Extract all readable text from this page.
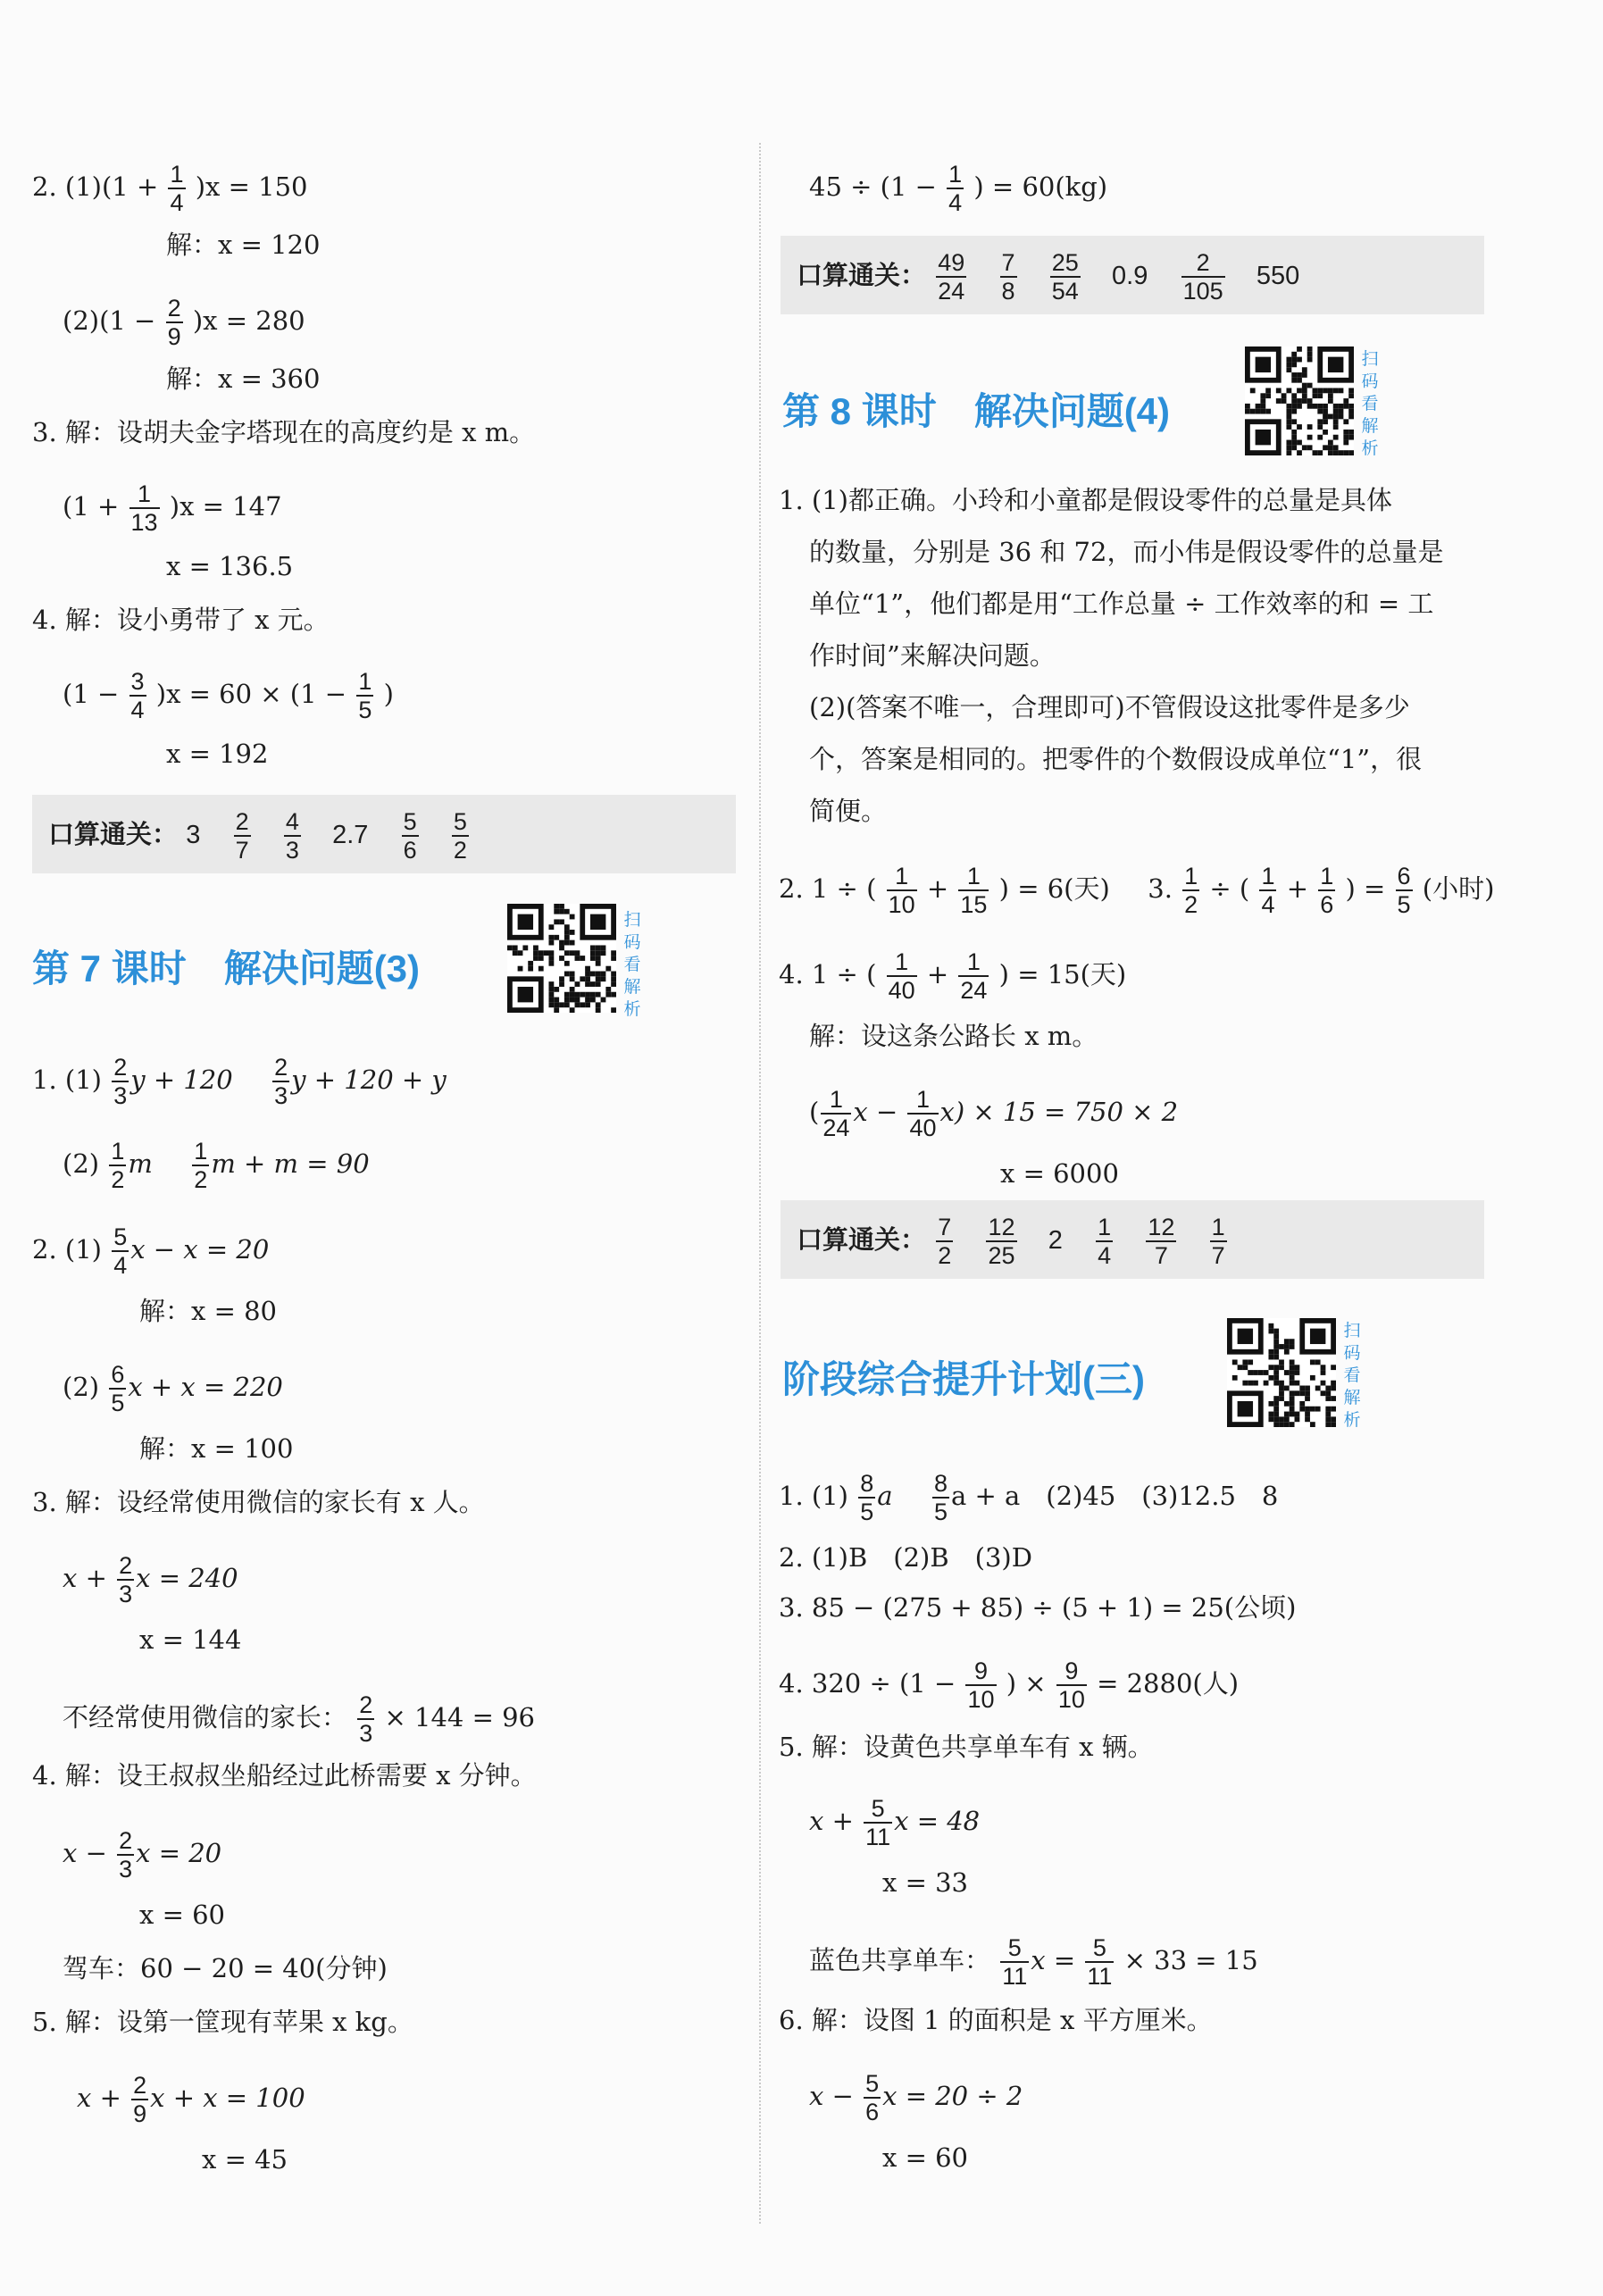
2. $(1)(1 + \frac{1}{4} )x = 150$
解：x = 120
$(2)(1 - \frac{2}{9} )x = 280$
解：x = 360
3. 解：设胡夫金字塔现在的高度约是 x m。
$(1 + \frac{1}{13} )x = 147$
x = 136.5
4. 解：设小勇带了 x 元。
$(1 - \frac{3}{4} )x = 60 \times (1 - \frac{1}{5}$ )
x = 192
口算通关： $3 \frac{2}{7}$
$\frac{4}{3} 2.7 \frac{5}{6}$
$\frac{5}{2}$
第 7 课时　解决问题(3)
扫
码
看
解
析
1. $(1) \frac{2}{3}$ $y + 120 \frac{2}{3}$ y + 120 + y
$(2) \frac{1}{2}$ m $\frac{1}{2}$ m + m = 90
2. $(1) \frac{5}{4}$ x − x = 20
解：x = 80
$(2) \frac{6}{5}$ x + x = 220
解：x = 100
3. 解：设经常使用微信的家长有 x 人。
$x + \frac{2}{3}$ x = 240
x = 144
不经常使用微信的家长： $\frac{2}{3} \times 144 = 96$
4. 解：设王叔叔坐船经过此桥需要 x 分钟。
$x - \frac{2}{3}$ x = 20
x = 60
驾车：60 − 20 = 40(分钟)
5. 解：设第一筐现有苹果 x kg。
$x + \frac{2}{9}$ x + x = 100
x = 45
$45 \div (1 - \frac{1}{4}$ ) = 60(kg)
口算通关： $\frac{49}{24}$
$\frac{7}{8}$
$\frac{25}{54} 0.9 \frac{2}{105} 550$
第 8 课时　解决问题(4)
扫
码
看
解
析
1. (1)都正确。小玲和小童都是假设零件的总量是具体
的数量，分别是 36 和 72，而小伟是假设零件的总量是
单位“1”，他们都是用“工作总量 ÷ 工作效率的和 = 工
作时间”来解决问题。
(2)(答案不唯一，合理即可)不管假设这批零件是多少
个，答案是相同的。把零件的个数假设成单位“1”，很
简便。
2. 1 ÷ ( $\frac{1}{10} + \frac{1}{15}$ ) = 6(天) 3. $\frac{1}{2}$ ÷ ( $\frac{1}{4} + \frac{1}{6}$ ) = $\frac{6}{5}$ (小时)
4. 1 ÷ ( $\frac{1}{40} + \frac{1}{24}$ ) = 15(天)
解：设这条公路长 x m。
( $\frac{1}{24}$ $x - \frac{1}{40} x) \times 15 = 750 \times 2$
x = 6000
口算通关： $\frac{7}{2}$
$\frac{12}{25} 2 \frac{1}{4}$
$\frac{12}{7}$
$\frac{1}{7}$
阶段综合提升计划(三)
扫
码
看
解
析
1. $(1) \frac{8}{5}$ a $\frac{8}{5}$ a + a　(2)45　(3)12.5　8
2. (1)B　(2)B　(3)D
3. 85 − (275 + 85) ÷ (5 + 1) = 25(公顷)
4. $320 \div (1 - \frac{9}{10}$ ) × $\frac{9}{10} = 2880$(人)
5. 解：设黄色共享单车有 x 辆。
$x + \frac{5}{11}$ x = 48
x = 33
蓝色共享单车： $\frac{5}{11}$ $x = \frac{5}{11} \times 33 = 15$
6. 解：设图 1 的面积是 x 平方厘米。
$x - \frac{5}{6}$ x = 20 ÷ 2
x = 60
